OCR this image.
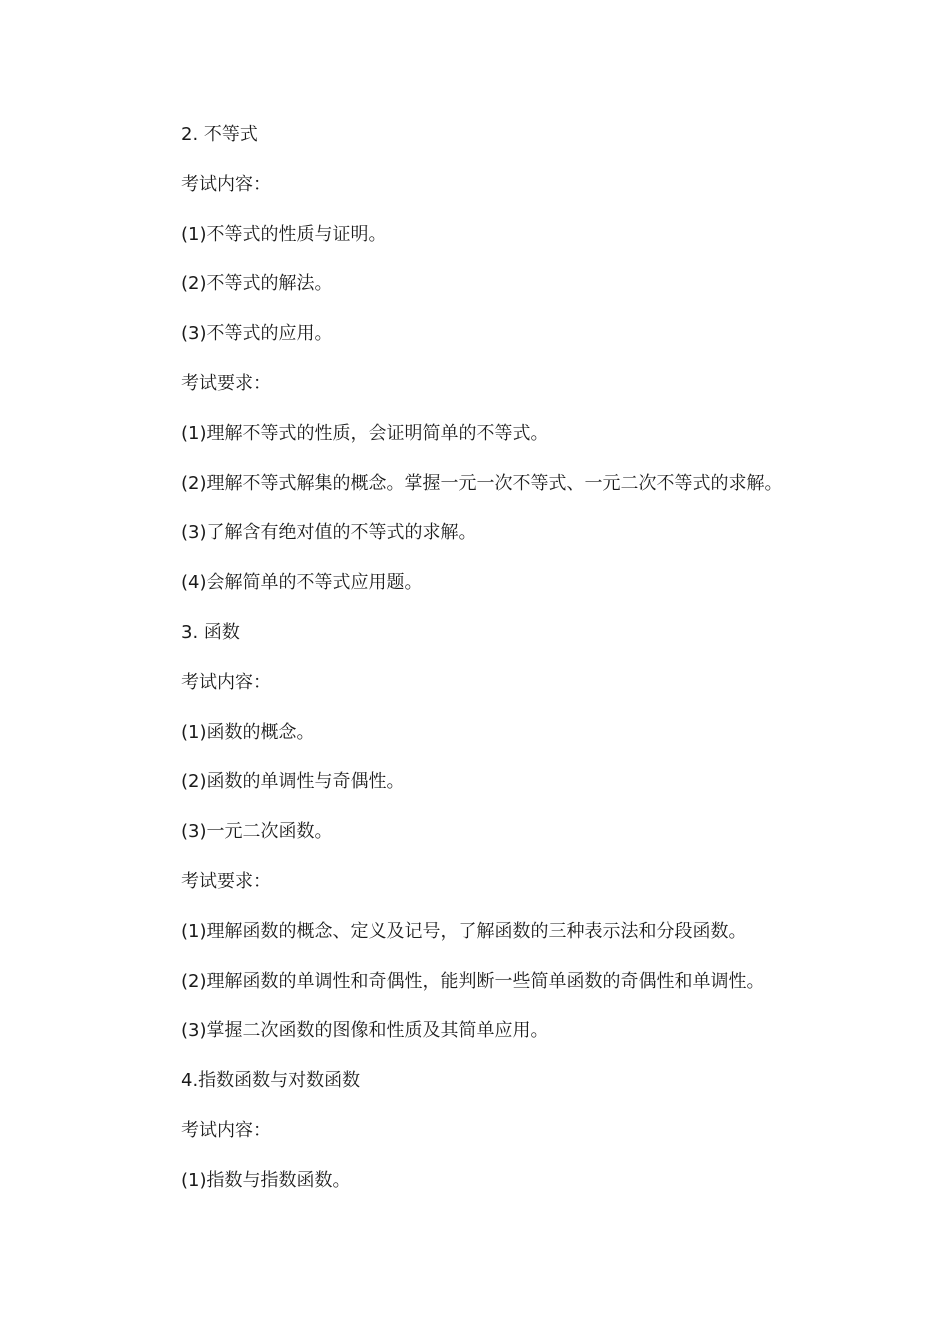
2. 不等式

考试内容：

(1)不等式的性质与证明。

(2)不等式的解法。

(3)不等式的应用。

考试要求：

(1)理解不等式的性质，会证明简单的不等式。

(2)理解不等式解集的概念。掌握一元一次不等式、一元二次不等式的求解。

(3)了解含有绝对值的不等式的求解。

(4)会解简单的不等式应用题。

3. 函数

考试内容：

(1)函数的概念。

(2)函数的单调性与奇偶性。

(3)一元二次函数。

考试要求：

(1)理解函数的概念、定义及记号，了解函数的三种表示法和分段函数。

(2)理解函数的单调性和奇偶性，能判断一些简单函数的奇偶性和单调性。

(3)掌握二次函数的图像和性质及其简单应用。

4.指数函数与对数函数

考试内容：

(1)指数与指数函数。
